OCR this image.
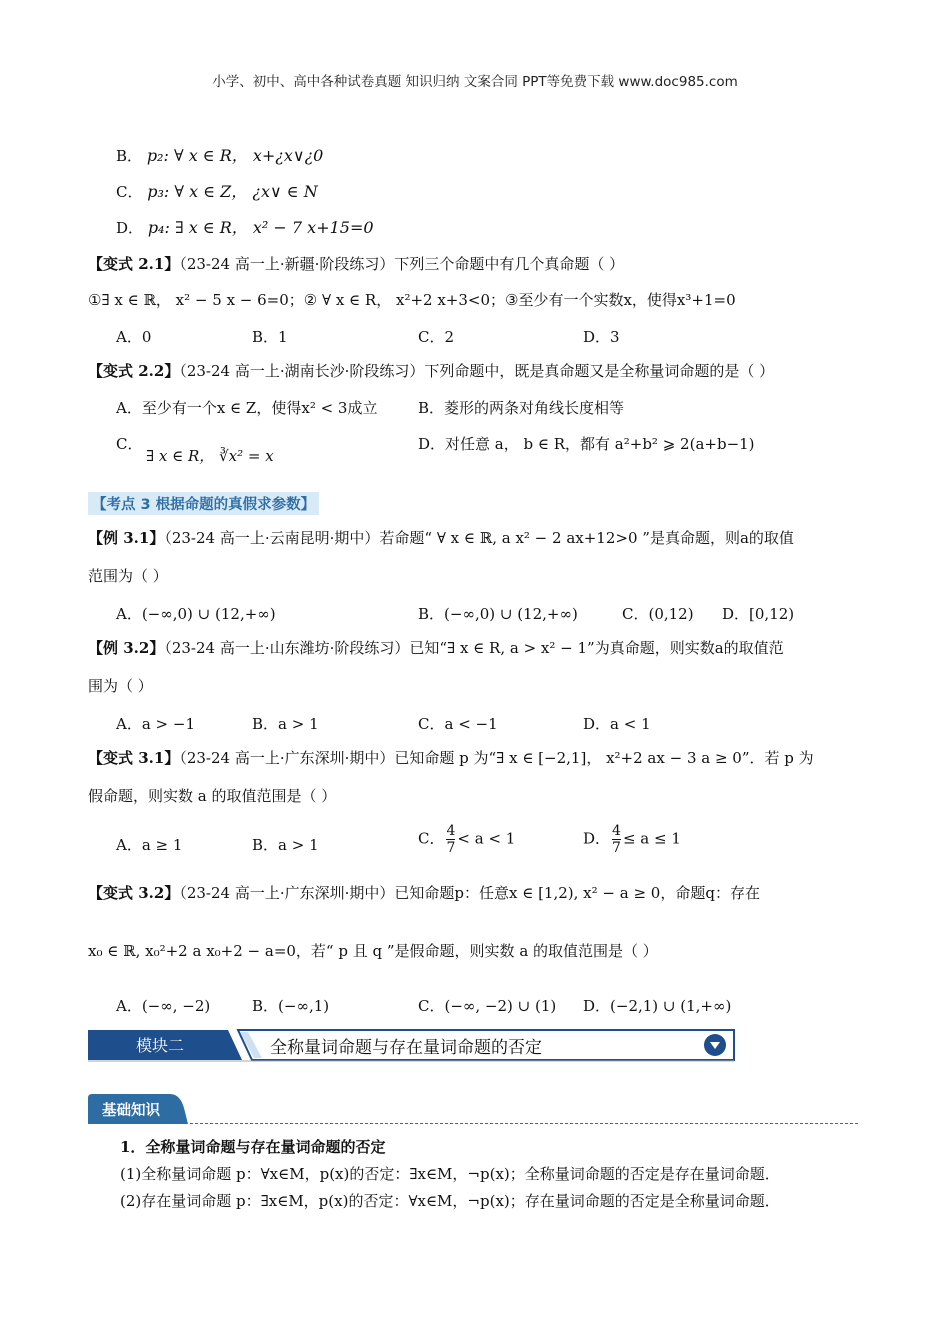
小学、初中、高中各种试卷真题 知识归纳 文案合同 PPT等免费下载 www.doc985.com
B． p₂: ∀ x ∈ R， x+¿x∨¿0
C． p₃: ∀ x ∈ Z， ¿x∨ ∈ N
D． p₄: ∃ x ∈ R， x² − 7 x+15=0
【变式 2.1】（23-24 高一上·新疆·阶段练习）下列三个命题中有几个真命题（ ）
①∃ x ∈ ℝ， x² − 5 x − 6=0；② ∀ x ∈ R， x²+2 x+3<0；③至少有一个实数x，使得x³+1=0
A．0	B．1	C．2	D．3
【变式 2.2】（23-24 高一上·湖南长沙·阶段练习）下列命题中，既是真命题又是全称量词命题的是（ ）
A．至少有一个x ∈ Z，使得x² < 3成立	B．菱形的两条对角线长度相等
C．
∃ x ∈ R， ∛x² = x
D．对任意 a， b ∈ R，都有 a²+b² ⩾ 2(a+b−1)
【考点 3 根据命题的真假求参数】
【例 3.1】（23-24 高一上·云南昆明·期中）若命题“ ∀ x ∈ ℝ, a x² − 2 ax+12>0 ”是真命题，则a的取值
范围为（ ）
A．(−∞,0) ∪ (12,+∞)	B．(−∞,0) ∪ (12,+∞)	C．(0,12) D．[0,12)
【例 3.2】（23-24 高一上·山东潍坊·阶段练习）已知“∃ x ∈ R, a > x² − 1”为真命题，则实数a的取值范
围为（ ）
A．a > −1	B．a > 1	C．a < −1	D．a < 1
【变式 3.1】（23-24 高一上·广东深圳·期中）已知命题 p 为“∃ x ∈ [−2,1]， x²+2 ax − 3 a ≥ 0”．若 p 为
假命题，则实数 a 的取值范围是（ ）
A．a ≥ 1	B．a > 1	C． $\frac{4}{7} < a < 1$	D． $\frac{4}{7} \le a \le 1$
【变式 3.2】（23-24 高一上·广东深圳·期中）已知命题p：任意x ∈ [1,2), x² − a ≥ 0，命题q：存在
x₀ ∈ ℝ, x₀²+2 a x₀+2 − a=0，若“ p 且 q ”是假命题，则实数 a 的取值范围是（ ）
A．(−∞, −2)	B．(−∞,1)	C．(−∞, −2) ∪ (1) D．(−2,1) ∪ (1,+∞)
模块二	全称量词命题与存在量词命题的否定
基础知识
1．全称量词命题与存在量词命题的否定
(1)全称量词命题 p：∀x∈M，p(x)的否定：∃x∈M，¬p(x)；全称量词命题的否定是存在量词命题．
(2)存在量词命题 p：∃x∈M，p(x)的否定：∀x∈M，¬p(x)；存在量词命题的否定是全称量词命题．
